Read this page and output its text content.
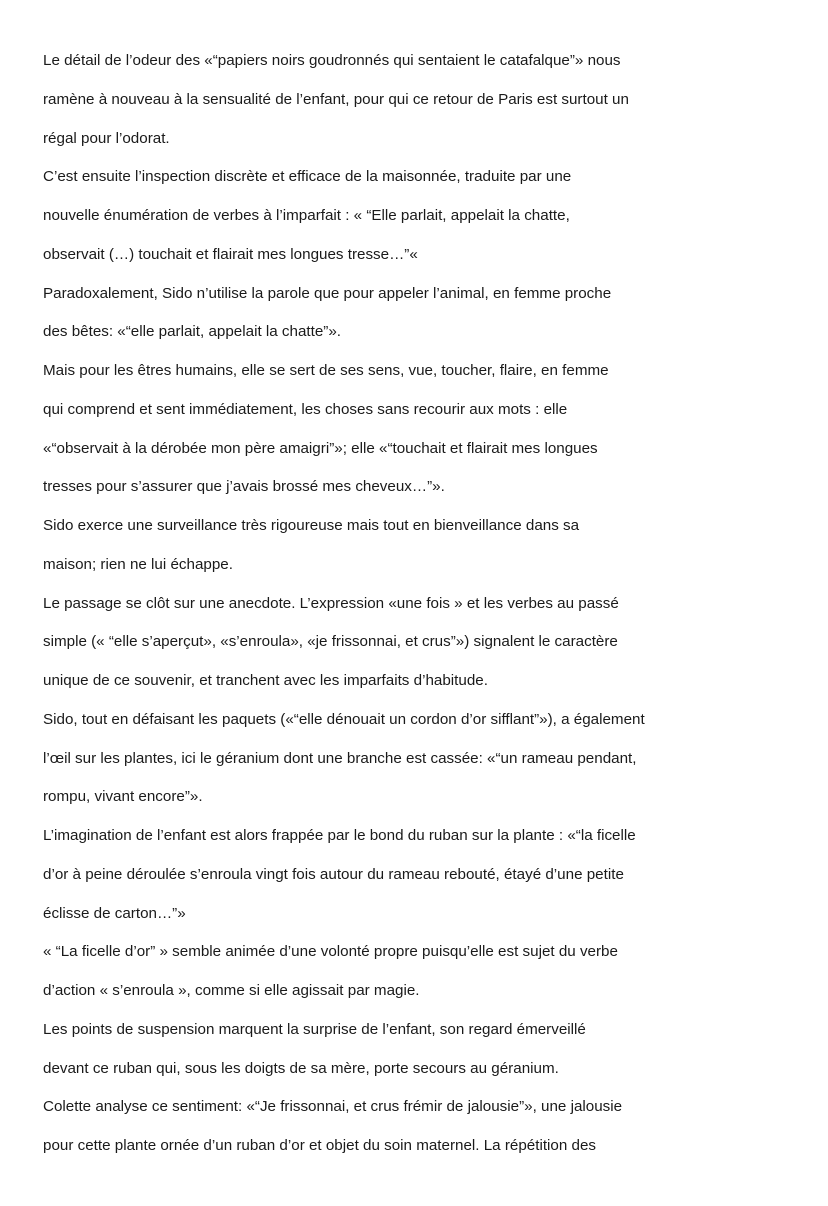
Le détail de l’odeur des «“papiers noirs goudronnés qui sentaient le catafalque”» nous
ramène à nouveau à la sensualité de l’enfant, pour qui ce retour de Paris est surtout un
régal pour l’odorat.
C’est ensuite l’inspection discrète et efficace de la maisonnée, traduite par une
nouvelle énumération de verbes à l’imparfait : « “Elle parlait, appelait la chatte,
observait (…) touchait et flairait mes longues tresse…”«
Paradoxalement, Sido n’utilise la parole que pour appeler l’animal, en femme proche
des bêtes: «“elle parlait, appelait la chatte”».
Mais pour les êtres humains, elle se sert de ses sens, vue, toucher, flaire, en femme
qui comprend et sent immédiatement, les choses sans recourir aux mots : elle
«“observait à la dérobée mon père amaigri”»; elle «“touchait et flairait mes longues
tresses pour s’assurer que j’avais brossé mes cheveux…”».
Sido exerce une surveillance très rigoureuse mais tout en bienveillance dans sa
maison; rien ne lui échappe.
Le passage se clôt sur une anecdote. L’expression «une fois » et les verbes au passé
simple (« “elle s’aperçut», «s’enroula», «je frissonnai, et crus”») signalent le caractère
unique de ce souvenir, et tranchent avec les imparfaits d’habitude.
Sido, tout en défaisant les paquets («“elle dénouait un cordon d’or sifflant”»), a également
l’œil sur les plantes, ici le géranium dont une branche est cassée: «“un rameau pendant,
rompu, vivant encore”».
L’imagination de l’enfant est alors frappée par le bond du ruban sur la plante : «“la ficelle
d’or à peine déroulée s’enroula vingt fois autour du rameau rebouté, étayé d’une petite
éclisse de carton…”»
« “La ficelle d’or” » semble animée d’une volonté propre puisqu’elle est sujet du verbe
d’action « s’enroula », comme si elle agissait par magie.
Les points de suspension marquent la surprise de l’enfant, son regard émerveillé
devant ce ruban qui, sous les doigts de sa mère, porte secours au géranium.
Colette analyse ce sentiment: «“Je frissonnai, et crus frémir de jalousie”», une jalousie
pour cette plante ornée d’un ruban d’or et objet du soin maternel. La répétition des
